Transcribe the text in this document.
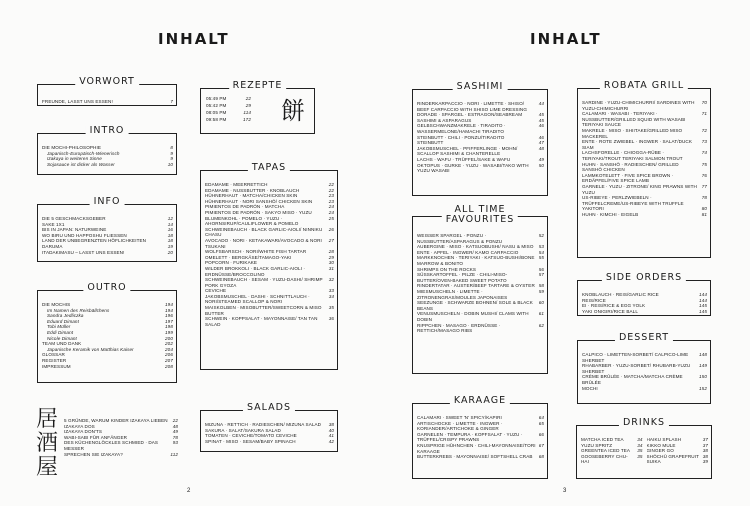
INHALT
VORWORT
FREUNDE, LASST UNS ESSEN!	7
INTRO
DIE MOCHI-PHILOSOPHIE	8
Japanisch-Europäisch-Wienerisch	9
Izakaya in weiteren Sinne	9
Sojasauce ist dicker als Wasser	10
INFO
DIE 5 GESCHMACKSGEBER	12
SAKE 1X1	14
BIS IN JAPAN: NATURWEINE	16
WO BIRU UND HAPPOSHU FLIESSEN	18
LAND DER UNBEGRENZTEN HÖFLICHKEITEN	18
DARUMA	19
ITADAKIMASU – LASST UNS ESSEN!	20
OUTRO
DIE MOCHIS	194
Im Namen des Reisbällchens	194
Sandra Jedliczka	196
Eduard Dimant	197
Tobi Müller	198
Eddi Dimant	199
Nicole Dimant	200
TEAM UND DANK	202
Japanische Keramik von Matthias Kaiser	204
GLOSSAR	206
REGISTER	207
IMPRESSUM	208
居
酒
屋
5 GRÜNDE, WARUM KINDER IZAKAYA LIEBEN	22
IZAKAYA DOS	48
IZAKAYA DON'TS	49
WABI-SABI FÜR ANFÄNGER	78
DES KÜCHENGLÖCKLES SCHMIED · DAS MESSER
93
SPRECHEN SIE IZAKAYA?	112
REZEPTE
05:49 PM	22
05:42 PM	29
08:05 PM	114
09:58 PM	172 餅
TAPAS
EDAMAME · MEERRETTICH	22
EDAMAME · NUSSBUTTER · KNOBLAUCH	22
HÜHNERHAUT · MATCHA/CHICKEN SKIN	23
HÜHNERHAUT · NORI SANSHŌ/ CHICKEN SKIN	23
PIMIENTOS DE PADRÓN · MATCHA	24
PIMIENTOS DE PADRÓN · SAKYO MISO · YUZU	24
BLUMENKOHL · POMELO · YUZU · AHORNSIRUP/CAULIFLOWER & POMELO
25
SCHWEINEBAUCH · BLACK GARLIC-AIOLI/ NINNIKU CHASU
26
AVOCADO · NORI · KETAKAWARI/AVOCADO & NORI TSUKANI
27
WOLFSBARSCH · NORI/WHITE FISH TARTAR	28
OMELETT · BERGKÄSE/TAMAGO-YAKI	29
POPCORN · FURIKAKE	30
WILDER BROKKOLI · BLACK GARLIC-AIOLI · ERDNÜSSE/BROCCOLINO
31
SCHWEINEBAUCH · SESAM · YUZU-DASHI/ SHRIMP PORK GYOZA
32
CEVICHE	33
JAKOBSMUSCHEL · DASHI · SCHNITTLAUCH · NORI/STEAMED SCALLOP & NORI
34
MAISKOLBEN · MISOBUTTER/SWEETCORN & MISO BUTTER
35
SCHWEIN · KOPPSALAT · MAYONNAISE/ TAN TAN SALAD
36
SALADS
MIZUNA · RETTICH · RADIESCHEN/ MIZUNA SALAD	38
SAKURA · SALAT/SAKURA SALAD	40
TOMATEN · CEVICHE/TOMATO CEVICHE	41
SPINAT · MISO · SESAM/BABY SPINACH	42
2
INHALT
SASHIMI
RINDERKARPACCIO · NORI · LIMETTE · SHISO/ BEEF CARPACCIO WITH SHISO LIME DRESSING
44
DORADE · SPARGEL · ESTRAGON/SEABREAM	45
SASHIMI & ASPARAGUS	45
GELBSCHWANZMAKRELE · TIRADITO · WASSERMELONE/HAMACHI TIRADITO
46
STEINBUTT · CHILI · PONZU/TIRADITO	46
STEINBUTT	47
JAKOBSMUSCHEL · PFIFFERLINGE · MOHN/ SCALLOP SASHIMI & CHANTERELLE
48
LACHS · WAFU · TRÜFFEL/SAKE & WAFU	49
OKTOPUS · GURKE · YUZU · WASABI/TAKO WITH YUZU WASABI
50
ALL TIME
FAVOURITES
WEISSER SPARGEL · PONZU · NUSSBUTTER/ASPARAGUS & PONZU
52
AUBERGINE · MISO · KATSUOBUSHI/ NASU & MISO	53
ENTE · APFEL · INGWER/ KAMO CARPACCIO	54
MARKKNOCHEN · TERIYAKI · KATSUO-BUSHI/BONE MARROW & BONITO
55
SHRIMPS ON THE ROCKS	56
SÜSSKARTOFFEL · PILZE · CHILI-MISO-BUTTER/OVEN-BAKED SWEET POTATO
57
RINDERTATAR · AUSTER/BEEF TARTARE & OYSTER 58
MIESMUSCHELN · LIMETTE · ZITRONENGRAS/MOULES JAPONAISES
59
SEEZUNGE · SCHWARZE BOHNEN/ SOLE & BLACK BEANS
60
VENUSMUSCHELN · DOBIN MUSHI/ CLAMS WITH DOBIN
61
RIPPCHEN · MASAGO · ERDNÜSSE · RETTICH/MASAGO RIBS
62
KARAAGE
CALAMARI · SWEET 'N' SPICY/KAPIRI	64
ARTISCHOCKE · LIMETTE · INGWER · KORIANDER/ARTICHOKE & GINGER
65
GARNELEN · TEMPURA · KOPFSALAT · YUZU · TRÜFFEL/CRISPY PRAWNS
66
KNUSPRIGE HÜHNCHEN · CHILI-MAYONNAISE/TORI KARAAGE
67
BUTTERKREBS · MAYONNAISE/ SOFTSHELL CRAB	68
ROBATA GRILL
SARDINE · YUZU-CHIMICHURRI/ SARDINES WITH YUZU-CHIMICHURRI
70
CALAMARI · WASABI · TERIYAKI · NUSSBUTTER/GRILLED SQUID WITH WASABI TERIYAKI SAUCE
71
MAKRELE · MISO · SHIITAKE/GRILLED MISO MACKEREL
72
ENTE · ROTE ZWIEBEL · INGWER · SALAT/DUCK SIAM
73
LACHSFORELLE · CHIOGGA-RÜBE · TERIYAKI/TROUT TERIYAKI SALMON TROUT
74
HUHN · SANSHŌ · RADIESCHEN/ GRILLED SANSHŌ CHICKEN
75
LAMMKOTELETT · FIVE SPICE BROWN · ERDÄPFEL/FIVE SPICE LAMB
76
GARNELE · YUZU · ZITRONE/ KING PRAWNS WITH YUZU
77
US-RIBEYE · PERLZWIEBELN · TRÜFFELCREME/US-RIBEYE WITH TRUFFLE
78
YAKITORI	80
HUHN · KIMCHI · EIGELB	81
SIDE ORDERS
KNOBLAUCH · REIS/GARLIC RICE	144
REIS/RICE	144
EI · REIS/RICE & EGG YOLK	145
YAKI ONIGIRI/RICE BALL	145
DESSERT
CALPICO · LIMETTEN-SORBET/ CALPICO-LIME SHERBET
148
RHABARBER · YUZU-SORBET/ RHUBARB-YUZU SHERBET
149
CRÈME BRÛLÉE · MATCHA/MATCHA CRÈME BRÛLÉE
150
MOCHI	152
DRINKS
MATCHA ICED TEA	34
YUZU SPRITZ	34
GREENTEA ICED TEA	35
GOOSEBERRY CHU-HAI
35
HAIKU SPLASH	37
KIKKO MULE	37
GINGER GO	38
SHŌCHŪ GRAPEFRUIT 38
SUIKA	39
3
